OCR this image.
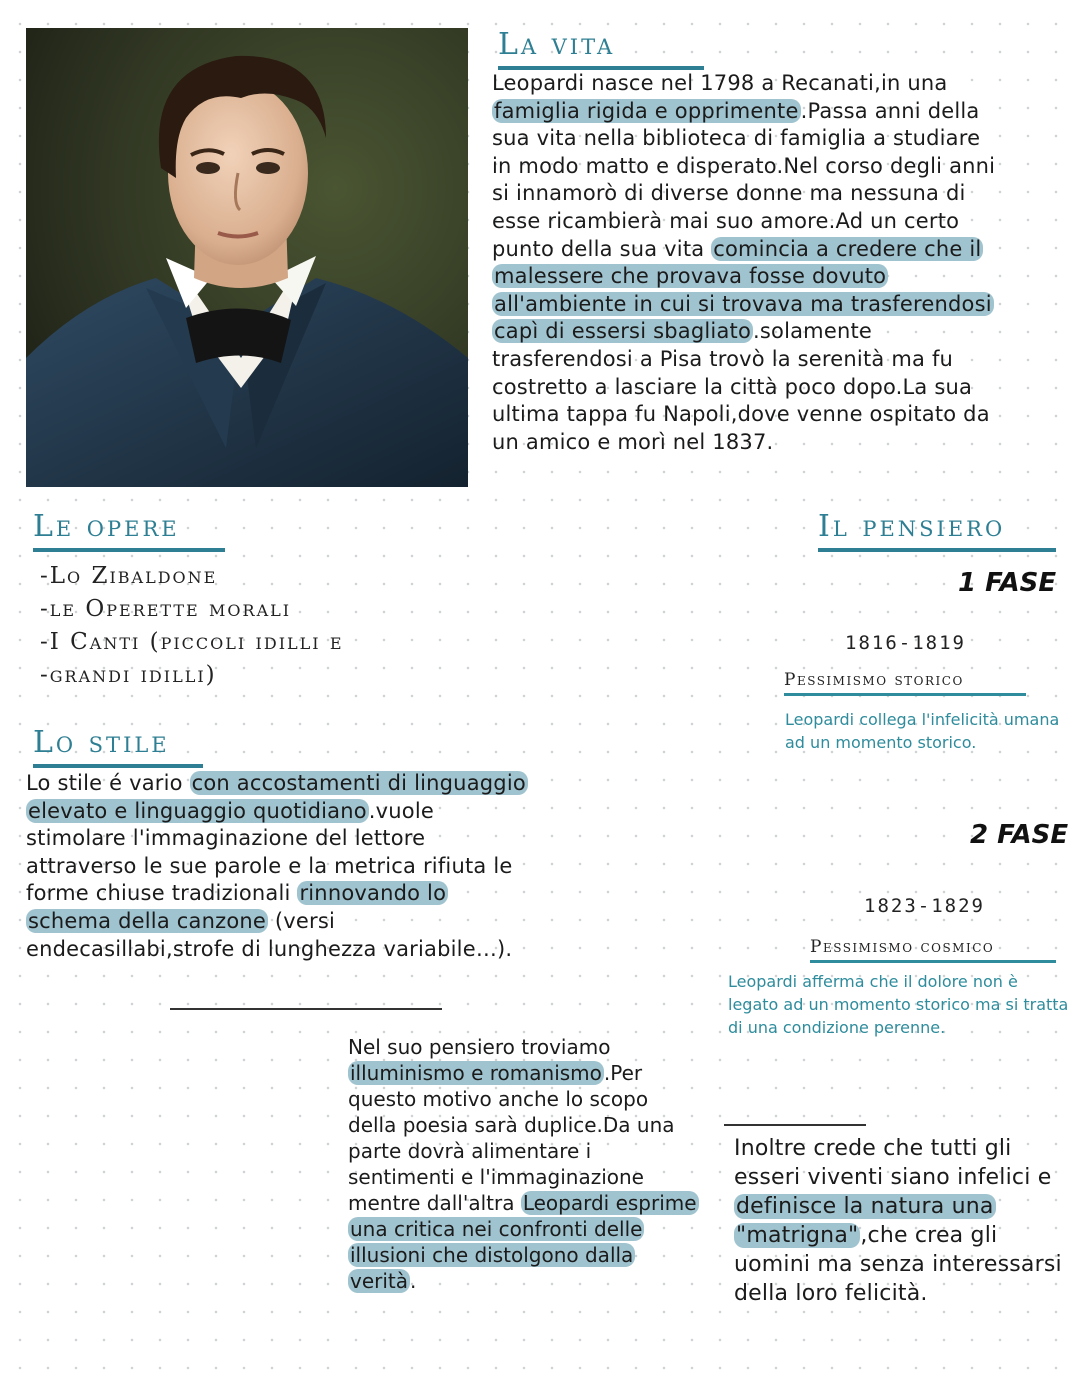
La vita
Leopardi nasce nel 1798 a Recanati,in una famiglia rigida e opprimente.Passa anni della sua vita nella biblioteca di famiglia a studiare in modo matto e disperato.Nel corso degli anni si innamorò di diverse donne ma nessuna di esse ricambierà mai suo amore.Ad un certo punto della sua vita comincia a credere che il malessere che provava fosse dovuto all'ambiente in cui si trovava ma trasferendosi capì di essersi sbagliato.solamente trasferendosi a Pisa trovò la serenità ma fu costretto a lasciare la città poco dopo.La sua ultima tappa fu Napoli,dove venne ospitato da un amico e morì nel 1837.
Le opere
-Lo Zibaldone
-le Operette morali
-I Canti (piccoli idilli e
-grandi idilli)
Lo stile
Lo stile é vario con accostamenti di linguaggio elevato e linguaggio quotidiano.vuole stimolare l'immaginazione del lettore attraverso le sue parole e la metrica rifiuta le forme chiuse tradizionali rinnovando lo schema della canzone (versi endecasillabi,strofe di lunghezza variabile…).
Nel suo pensiero troviamo illuminismo e romanismo .Per questo motivo anche lo scopo della poesia sarà duplice.Da una parte dovrà alimentare i sentimenti e l'immaginazione mentre dall'altra Leopardi esprime una critica nei confronti delle illusioni che distolgono dalla verità .
Il pensiero
1 FASE
1816-1819
Pessimismo storico
Leopardi collega l'infelicità umana ad un momento storico.
2 FASE
1823-1829
Pessimismo cosmico
Leopardi afferma che il dolore non è legato ad un momento storico ma si tratta di una condizione perenne.
Inoltre crede che tutti gli esseri viventi siano infelici e definisce la natura una "matrigna",che crea gli uomini ma senza interessarsi della loro felicità.
